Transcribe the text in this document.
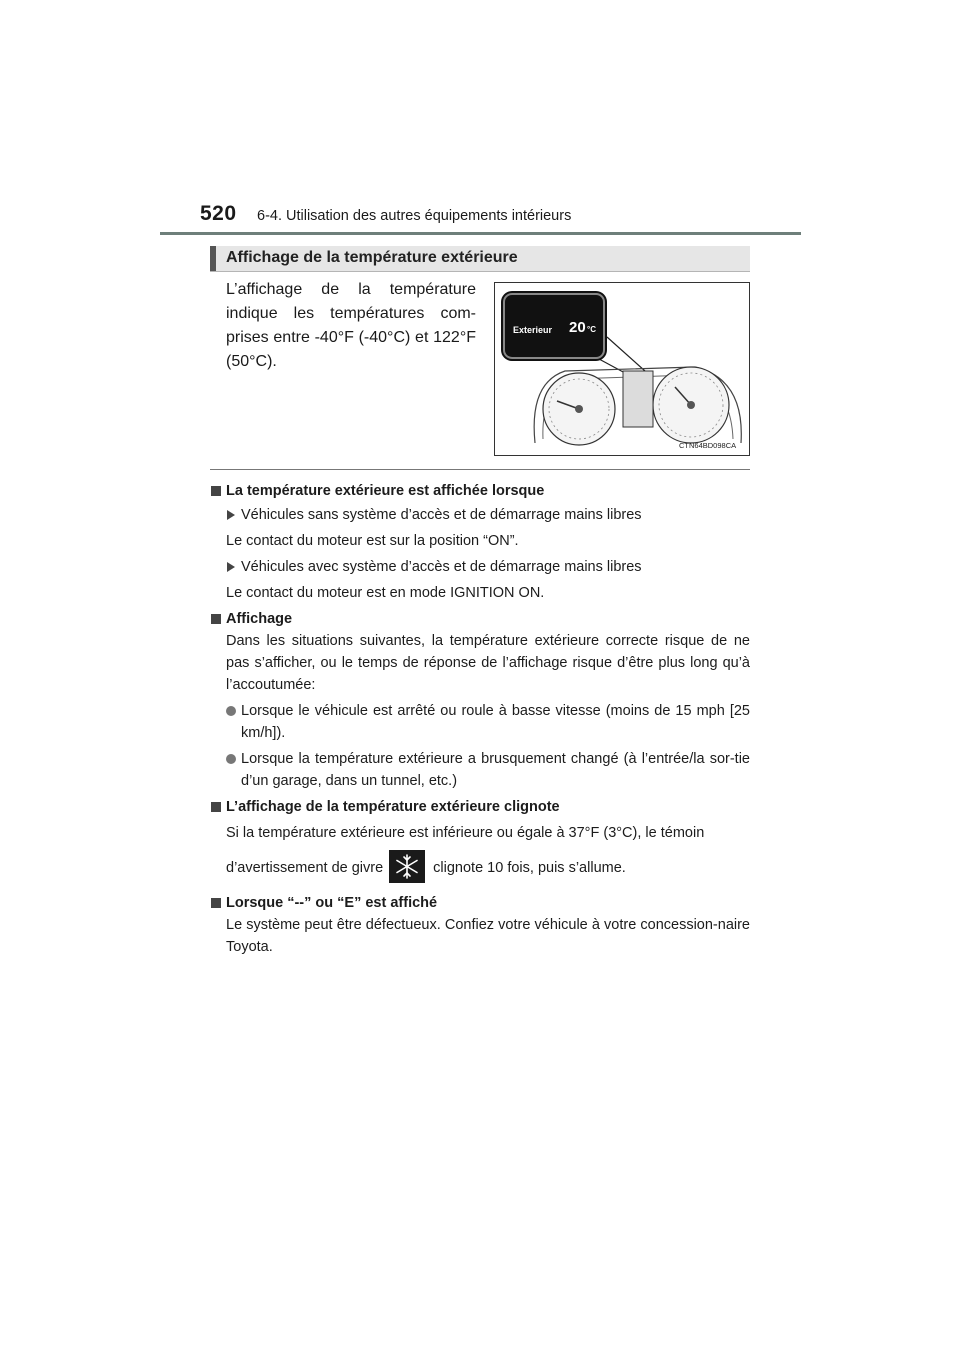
520 6-4. Utilisation des autres équipements intérieurs
Affichage de la température extérieure
L’affichage de la température indique les températures com-prises entre -40°F (-40°C) et 122°F (50°C).
Exterieur 20 °C
CTN64BD098CA
La température extérieure est affichée lorsque
Véhicules sans système d’accès et de démarrage mains libres
Le contact du moteur est sur la position “ON”.
Véhicules avec système d’accès et de démarrage mains libres
Le contact du moteur est en mode IGNITION ON.
Affichage
Dans les situations suivantes, la température extérieure correcte risque de ne pas s’afficher, ou le temps de réponse de l’affichage risque d’être plus long qu’à l’accoutumée:
Lorsque le véhicule est arrêté ou roule à basse vitesse (moins de 15 mph [25 km/h]).
Lorsque la température extérieure a brusquement changé (à l’entrée/la sor-tie d’un garage, dans un tunnel, etc.)
L’affichage de la température extérieure clignote
Si la température extérieure est inférieure ou égale à 37°F (3°C), le témoin
d’avertissement de givre	clignote 10 fois, puis s’allume.
Lorsque “--” ou “E” est affiché
Le système peut être défectueux. Confiez votre véhicule à votre concession-naire Toyota.
